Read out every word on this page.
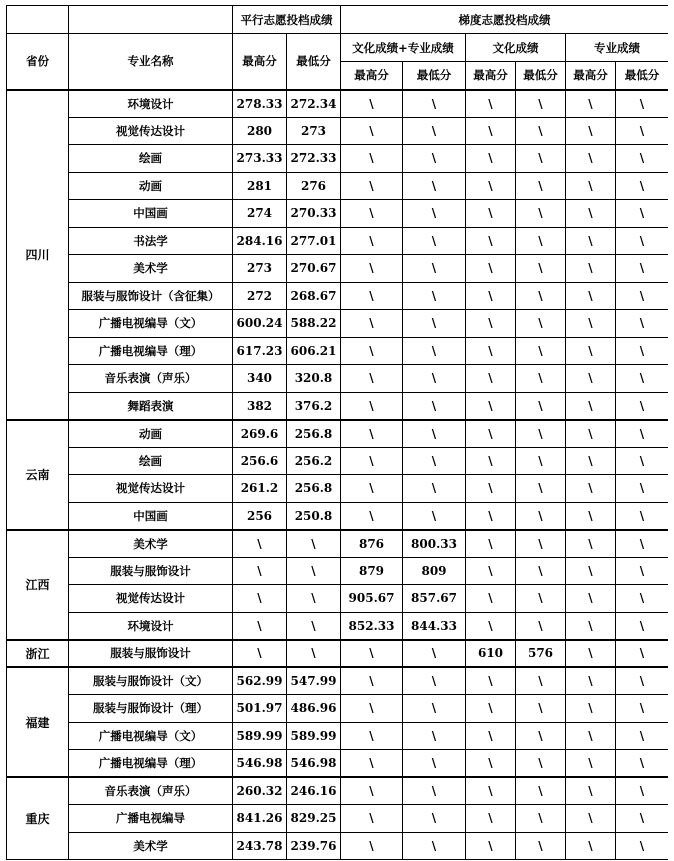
		平行志愿投档成绩		梯度志愿投档成绩					
省份	专业名称	最高分	最低分	文化成绩+专业成绩		文化成绩		专业成绩	
				最高分	最低分	最高分	最低分	最高分	最低分
四川	环境设计	278.33	272.34	\	\	\	\	\	\
	视觉传达设计	280	273	\	\	\	\	\	\
	绘画	273.33	272.33	\	\	\	\	\	\
	动画	281	276	\	\	\	\	\	\
	中国画	274	270.33	\	\	\	\	\	\
	书法学	284.16	277.01	\	\	\	\	\	\
	美术学	273	270.67	\	\	\	\	\	\
	服装与服饰设计（含征集）	272	268.67	\	\	\	\	\	\
	广播电视编导（文）	600.24	588.22	\	\	\	\	\	\
	广播电视编导（理）	617.23	606.21	\	\	\	\	\	\
	音乐表演（声乐）	340	320.8	\	\	\	\	\	\
	舞蹈表演	382	376.2	\	\	\	\	\	\
云南	动画	269.6	256.8	\	\	\	\	\	\
	绘画	256.6	256.2	\	\	\	\	\	\
	视觉传达设计	261.2	256.8	\	\	\	\	\	\
	中国画	256	250.8	\	\	\	\	\	\
江西	美术学	\	\	876	800.33	\	\	\	\
	服装与服饰设计	\	\	879	809	\	\	\	\
	视觉传达设计	\	\	905.67	857.67	\	\	\	\
	环境设计	\	\	852.33	844.33	\	\	\	\
浙江	服装与服饰设计	\	\	\	\	610	576	\	\
福建	服装与服饰设计（文）	562.99	547.99	\	\	\	\	\	\
	服装与服饰设计（理）	501.97	486.96	\	\	\	\	\	\
	广播电视编导（文）	589.99	589.99	\	\	\	\	\	\
	广播电视编导（理）	546.98	546.98	\	\	\	\	\	\
重庆	音乐表演（声乐）	260.32	246.16	\	\	\	\	\	\
	广播电视编导	841.26	829.25	\	\	\	\	\	\
	美术学	243.78	239.76	\	\	\	\	\	\
